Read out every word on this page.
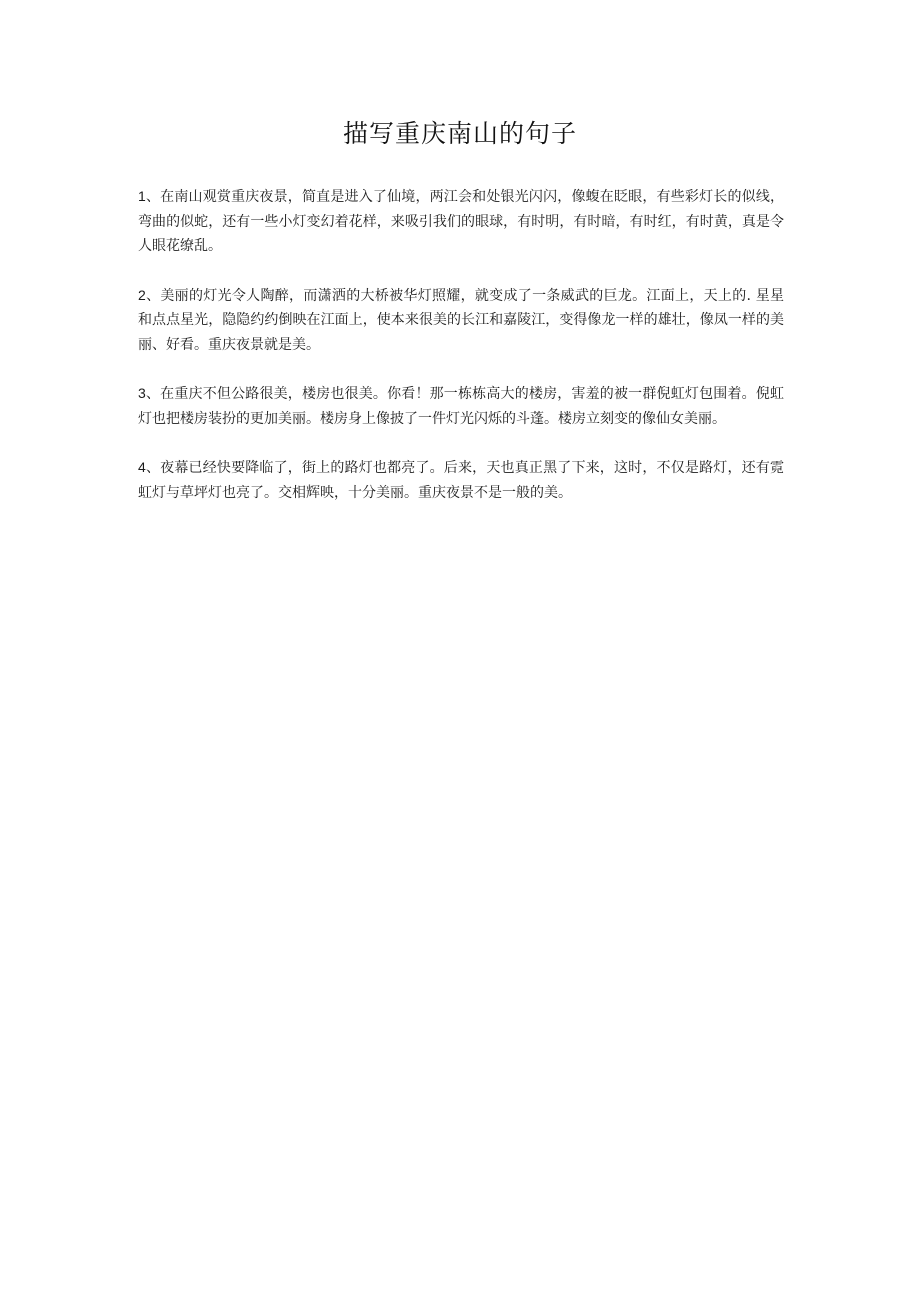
描写重庆南山的句子

1、在南山观赏重庆夜景，简直是进入了仙境，两江会和处银光闪闪，像蝮在眨眼，有些彩灯长的似线，弯曲的似蛇，还有一些小灯变幻着花样，来吸引我们的眼球，有时明，有时暗，有时红，有时黄，真是令人眼花缭乱。

2、美丽的灯光令人陶醉，而潇洒的大桥被华灯照耀，就变成了一条威武的巨龙。江面上，天上的. 星星和点点星光，隐隐约约倒映在江面上，使本来很美的长江和嘉陵江，变得像龙一样的雄壮，像凤一样的美丽、好看。重庆夜景就是美。

3、在重庆不但公路很美，楼房也很美。你看！那一栋栋高大的楼房，害羞的被一群倪虹灯包围着。倪虹灯也把楼房装扮的更加美丽。楼房身上像披了一件灯光闪烁的斗蓬。楼房立刻变的像仙女美丽。

4、夜幕已经快要降临了，街上的路灯也都亮了。后来，天也真正黑了下来，这时，不仅是路灯，还有霓虹灯与草坪灯也亮了。交相辉映，十分美丽。重庆夜景不是一般的美。
